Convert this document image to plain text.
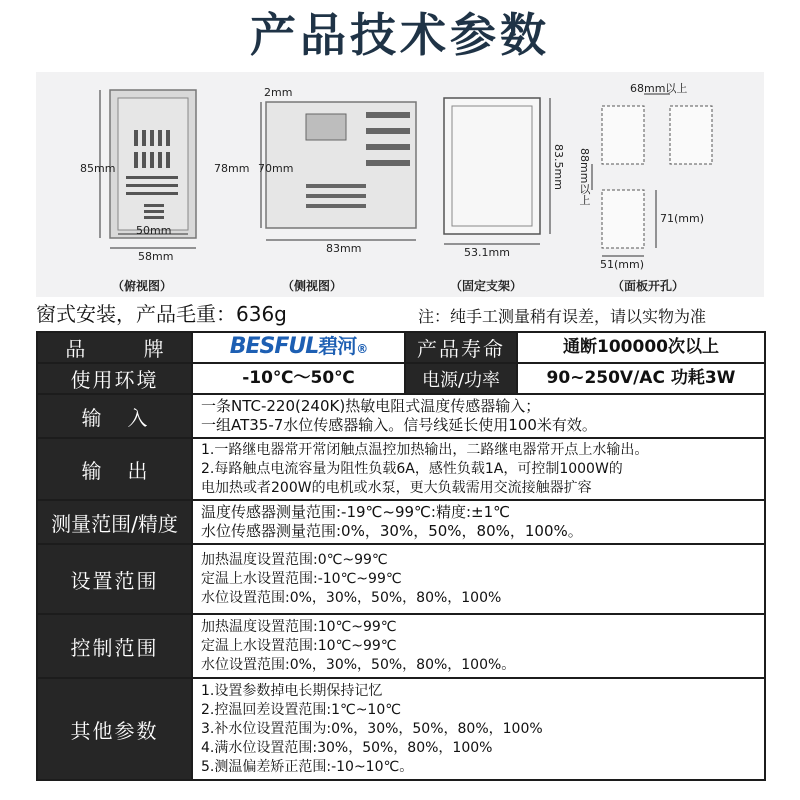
产品技术参数
85mm
50mm
58mm
（俯视图）
2mm
78mm 70mm
83mm
（侧视图）
83.5mm
53.1mm
（固定支架）
68mm以上
88mm以上
71(mm)
51(mm)
（面板开孔）
窗式安装，产品毛重：636g	注：纯手工测量稍有误差，请以实物为准
品 牌	BESFUL碧河®	产品寿命	通断100000次以上
使用环境	-10℃～50℃	电源/功率	90~250V/AC 功耗3W
输入	一条NTC-220(240K)热敏电阻式温度传感器输入；
一组AT35-7水位传感器输入。信号线延长使用100米有效。		

输出	1.一路继电器常开常闭触点温控加热输出，二路继电器常开点上水输出。
2.每路触点电流容量为阻性负载6A，感性负载1A，可控制1000W的
电加热或者200W的电机或水泵，更大负载需用交流接触器扩容		

测量范围/精度	温度传感器测量范围:-19℃~99℃:精度:±1℃
水位传感器测量范围:0%，30%，50%，80%，100%。		

设置范围	加热温度设置范围:0℃~99℃
定温上水设置范围:-10℃~99℃
水位设置范围:0%，30%，50%，80%，100%		

控制范围	加热温度设置范围:10℃~99℃
定温上水设置范围:10℃~99℃
水位设置范围:0%，30%，50%，80%，100%。		

其他参数	1.设置参数掉电长期保持记忆
2.控温回差设置范围:1℃~10℃
3.补水位设置范围为:0%，30%，50%，80%，100%
4.满水位设置范围:30%，50%，80%，100%
5.测温偏差矫正范围:-10~10℃。		
